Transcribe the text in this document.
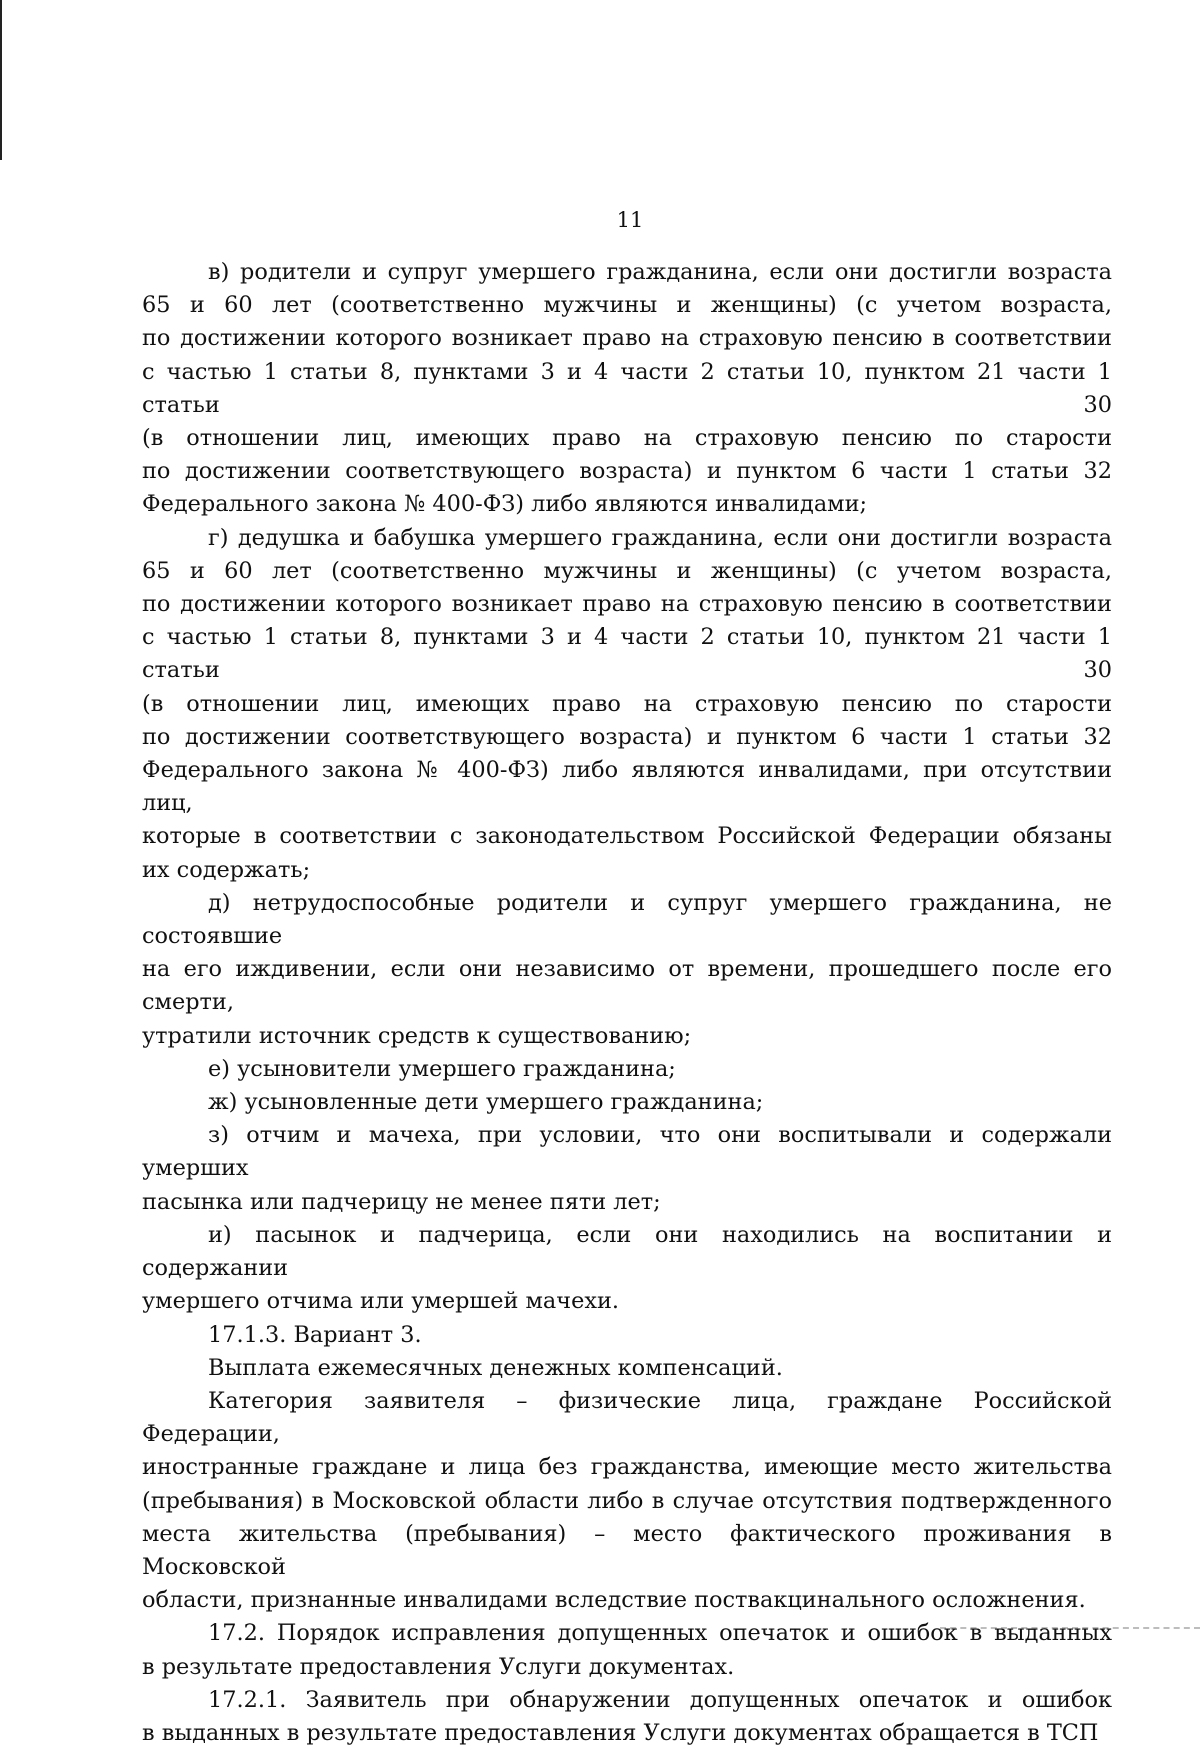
11
в) родители и супруг умершего гражданина, если они достигли возраста
65 и 60 лет (соответственно мужчины и женщины) (с учетом возраста,
по достижении которого возникает право на страховую пенсию в соответствии
с частью 1 статьи 8, пунктами 3 и 4 части 2 статьи 10, пунктом 21 части 1 статьи 30
(в отношении лиц, имеющих право на страховую пенсию по старости
по достижении соответствующего возраста) и пунктом 6 части 1 статьи 32
Федерального закона № 400-ФЗ) либо являются инвалидами;
г) дедушка и бабушка умершего гражданина, если они достигли возраста
65 и 60 лет (соответственно мужчины и женщины) (с учетом возраста,
по достижении которого возникает право на страховую пенсию в соответствии
с частью 1 статьи 8, пунктами 3 и 4 части 2 статьи 10, пунктом 21 части 1 статьи 30
(в отношении лиц, имеющих право на страховую пенсию по старости
по достижении соответствующего возраста) и пунктом 6 части 1 статьи 32
Федерального закона № 400-ФЗ) либо являются инвалидами, при отсутствии лиц,
которые в соответствии с законодательством Российской Федерации обязаны
их содержать;
д) нетрудоспособные родители и супруг умершего гражданина, не состоявшие
на его иждивении, если они независимо от времени, прошедшего после его смерти,
утратили источник средств к существованию;
е) усыновители умершего гражданина;
ж) усыновленные дети умершего гражданина;
з) отчим и мачеха, при условии, что они воспитывали и содержали умерших
пасынка или падчерицу не менее пяти лет;
и) пасынок и падчерица, если они находились на воспитании и содержании
умершего отчима или умершей мачехи.
17.1.3. Вариант 3.
Выплата ежемесячных денежных компенсаций.
Категория заявителя – физические лица, граждане Российской Федерации,
иностранные граждане и лица без гражданства, имеющие место жительства
(пребывания) в Московской области либо в случае отсутствия подтвержденного
места жительства (пребывания) – место фактического проживания в Московской
области, признанные инвалидами вследствие поствакцинального осложнения.
17.2. Порядок исправления допущенных опечаток и ошибок в выданных
в результате предоставления Услуги документах.
17.2.1. Заявитель при обнаружении допущенных опечаток и ошибок
в выданных в результате предоставления Услуги документах обращается в ТСП
